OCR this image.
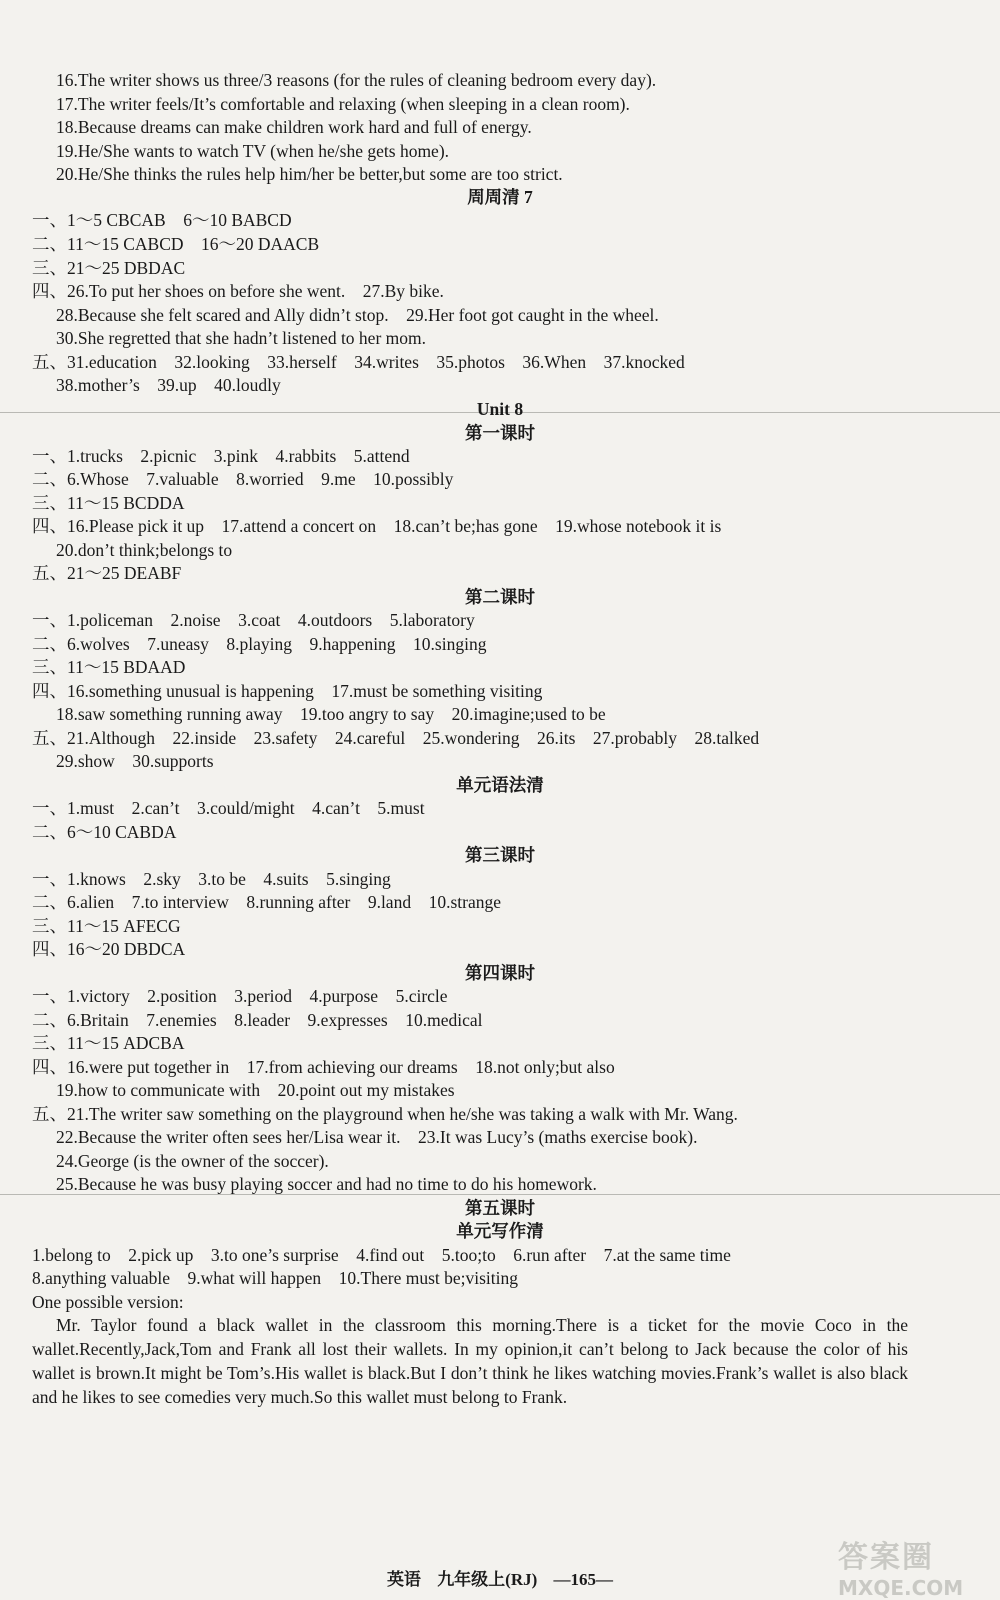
16.The writer shows us three/3 reasons (for the rules of cleaning bedroom every day).
17.The writer feels/It’s comfortable and relaxing (when sleeping in a clean room).
18.Because dreams can make children work hard and full of energy.
19.He/She wants to watch TV (when he/she gets home).
20.He/She thinks the rules help him/her be better,but some are too strict.
周周清 7
一、1～5 CBCAB　6～10 BABCD
二、11～15 CABCD　16～20 DAACB
三、21～25 DBDAC
四、26.To put her shoes on before she went.　27.By bike.
28.Because she felt scared and Ally didn’t stop.　29.Her foot got caught in the wheel.
30.She regretted that she hadn’t listened to her mom.
五、31.education　32.looking　33.herself　34.writes　35.photos　36.When　37.knocked
38.mother’s　39.up　40.loudly
Unit 8
第一课时
一、1.trucks　2.picnic　3.pink　4.rabbits　5.attend
二、6.Whose　7.valuable　8.worried　9.me　10.possibly
三、11～15 BCDDA
四、16.Please pick it up　17.attend a concert on　18.can’t be;has gone　19.whose notebook it is
20.don’t think;belongs to
五、21～25 DEABF
第二课时
一、1.policeman　2.noise　3.coat　4.outdoors　5.laboratory
二、6.wolves　7.uneasy　8.playing　9.happening　10.singing
三、11～15 BDAAD
四、16.something unusual is happening　17.must be something visiting
18.saw something running away　19.too angry to say　20.imagine;used to be
五、21.Although　22.inside　23.safety　24.careful　25.wondering　26.its　27.probably　28.talked
29.show　30.supports
单元语法清
一、1.must　2.can’t　3.could/might　4.can’t　5.must
二、6～10 CABDA
第三课时
一、1.knows　2.sky　3.to be　4.suits　5.singing
二、6.alien　7.to interview　8.running after　9.land　10.strange
三、11～15 AFECG
四、16～20 DBDCA
第四课时
一、1.victory　2.position　3.period　4.purpose　5.circle
二、6.Britain　7.enemies　8.leader　9.expresses　10.medical
三、11～15 ADCBA
四、16.were put together in　17.from achieving our dreams　18.not only;but also
19.how to communicate with　20.point out my mistakes
五、21.The writer saw something on the playground when he/she was taking a walk with Mr. Wang.
22.Because the writer often sees her/Lisa wear it.　23.It was Lucy’s (maths exercise book).
24.George (is the owner of the soccer).
25.Because he was busy playing soccer and had no time to do his homework.
第五课时
单元写作清
1.belong to　2.pick up　3.to one’s surprise　4.find out　5.too;to　6.run after　7.at the same time
8.anything valuable　9.what will happen　10.There must be;visiting
One possible version:
Mr. Taylor found a black wallet in the classroom this morning.There is a ticket for the movie Coco in the wallet.Recently,Jack,Tom and Frank all lost their wallets. In my opinion,it can’t belong to Jack because the color of his wallet is brown.It might be Tom’s.His wallet is black.But I don’t think he likes watching movies.Frank’s wallet is also black and he likes to see comedies very much.So this wallet must belong to Frank.
英语 九年级上(RJ) —165—
答案圈
MXQE.COM
